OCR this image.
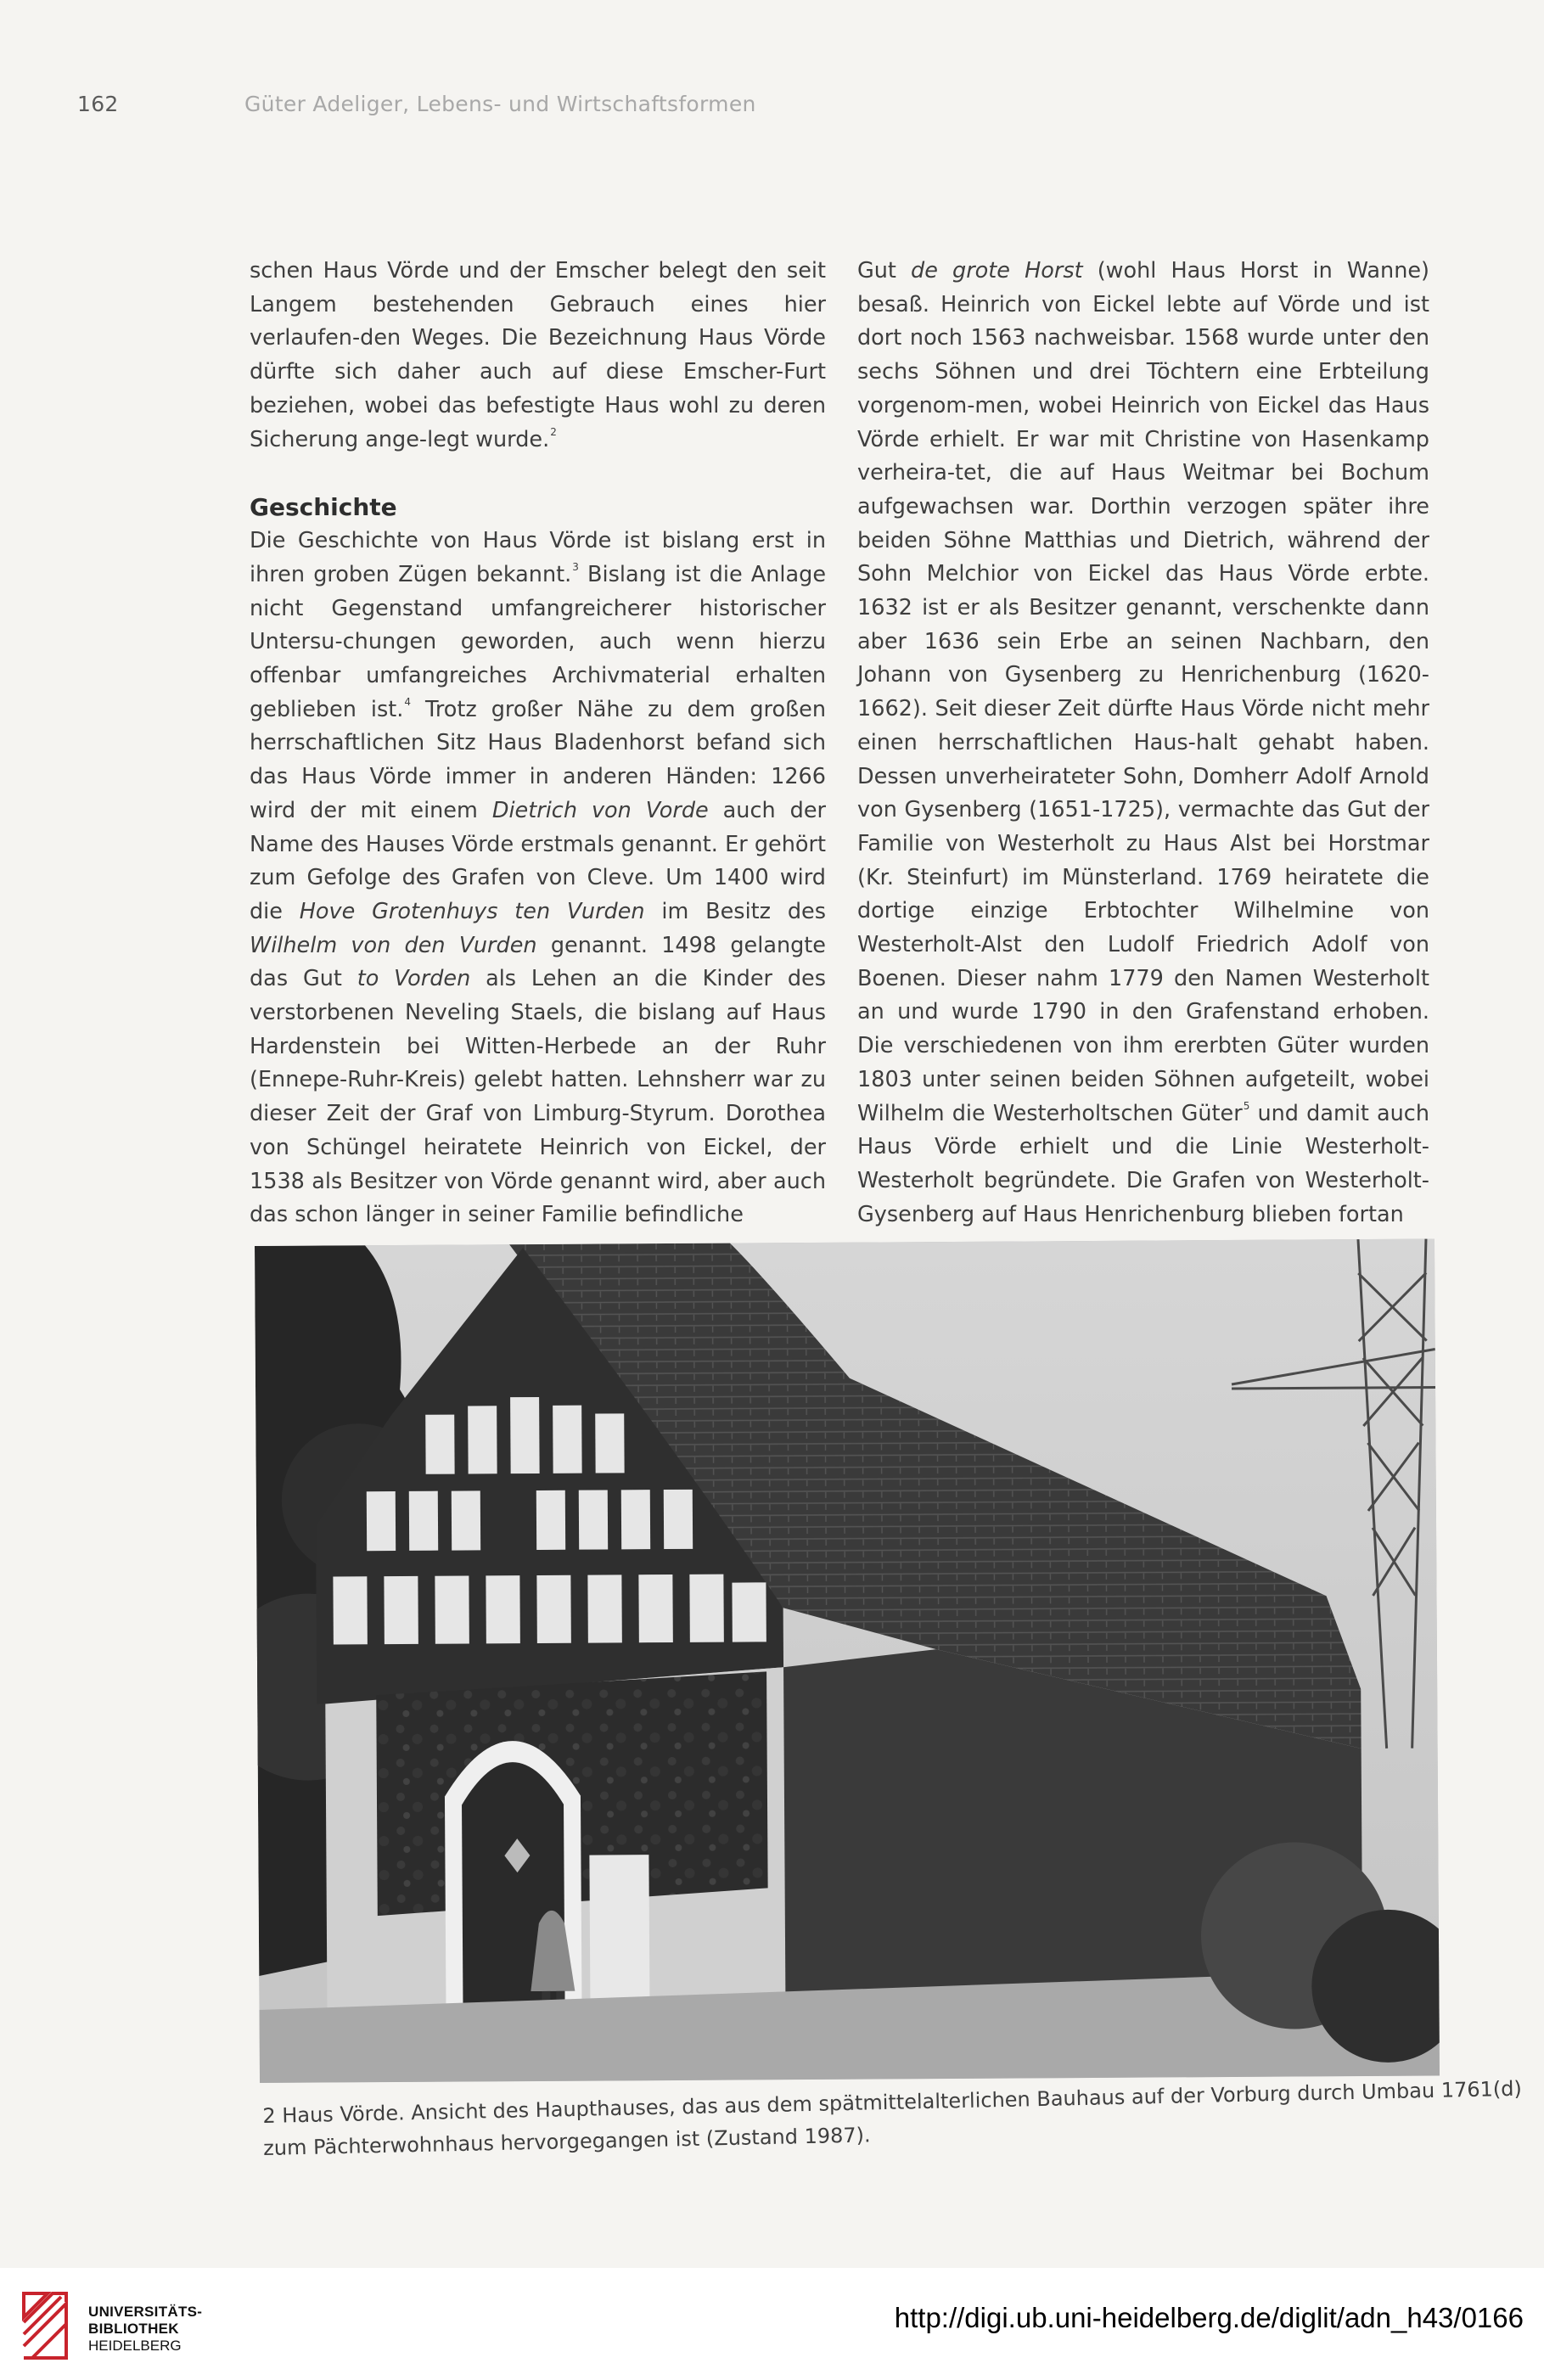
162	Güter Adeliger, Lebens- und Wirtschaftsformen

schen Haus Vörde und der Emscher belegt den seit Langem bestehenden Gebrauch eines hier verlaufen-den Weges. Die Bezeichnung Haus Vörde dürfte sich daher auch auf diese Emscher-Furt beziehen, wobei das befestigte Haus wohl zu deren Sicherung ange-legt wurde.$^2$

Geschichte

Die Geschichte von Haus Vörde ist bislang erst in ihren groben Zügen bekannt.$^3$ Bislang ist die Anlage nicht Gegenstand umfangreicherer historischer Untersu-chungen geworden, auch wenn hierzu offenbar umfangreiches Archivmaterial erhalten geblieben ist.$^4$ Trotz großer Nähe zu dem großen herrschaftlichen Sitz Haus Bladenhorst befand sich das Haus Vörde immer in anderen Händen: 1266 wird der mit einem Dietrich von Vorde auch der Name des Hauses Vörde erstmals genannt. Er gehört zum Gefolge des Grafen von Cleve. Um 1400 wird die Hove Grotenhuys ten Vurden im Besitz des Wilhelm von den Vurden genannt. 1498 gelangte das Gut to Vorden als Lehen an die Kinder des verstorbenen Neveling Staels, die bislang auf Haus Hardenstein bei Witten-Herbede an der Ruhr (Ennepe-Ruhr-Kreis) gelebt hatten. Lehnsherr war zu dieser Zeit der Graf von Limburg-Styrum. Dorothea von Schüngel heiratete Heinrich von Eickel, der 1538 als Besitzer von Vörde genannt wird, aber auch das schon länger in seiner Familie befindliche

Gut de grote Horst (wohl Haus Horst in Wanne) besaß. Heinrich von Eickel lebte auf Vörde und ist dort noch 1563 nachweisbar. 1568 wurde unter den sechs Söhnen und drei Töchtern eine Erbteilung vorgenom-men, wobei Heinrich von Eickel das Haus Vörde erhielt. Er war mit Christine von Hasenkamp verheira-tet, die auf Haus Weitmar bei Bochum aufgewachsen war. Dorthin verzogen später ihre beiden Söhne Matthias und Dietrich, während der Sohn Melchior von Eickel das Haus Vörde erbte. 1632 ist er als Besitzer genannt, verschenkte dann aber 1636 sein Erbe an seinen Nachbarn, den Johann von Gysenberg zu Henrichenburg (1620-1662). Seit dieser Zeit dürfte Haus Vörde nicht mehr einen herrschaftlichen Haus-halt gehabt haben. Dessen unverheirateter Sohn, Domherr Adolf Arnold von Gysenberg (1651-1725), vermachte das Gut der Familie von Westerholt zu Haus Alst bei Horstmar (Kr. Steinfurt) im Münsterland. 1769 heiratete die dortige einzige Erbtochter Wilhelmine von Westerholt-Alst den Ludolf Friedrich Adolf von Boenen. Dieser nahm 1779 den Namen Westerholt an und wurde 1790 in den Grafenstand erhoben. Die verschiedenen von ihm ererbten Güter wurden 1803 unter seinen beiden Söhnen aufgeteilt, wobei Wilhelm die Westerholtschen Güter$^5$ und damit auch Haus Vörde erhielt und die Linie Westerholt-Westerholt begründete. Die Grafen von Westerholt-Gysenberg auf Haus Henrichenburg blieben fortan

2 Haus Vörde. Ansicht des Haupthauses, das aus dem spätmittelalterlichen Bauhaus auf der Vorburg durch Umbau 1761(d)
zum Pächterwohnhaus hervorgegangen ist (Zustand 1987).
UNIVERSITÄTS-
BIBLIOTHEK
HEIDELBERG
http://digi.ub.uni-heidelberg.de/diglit/adn_h43/0166
